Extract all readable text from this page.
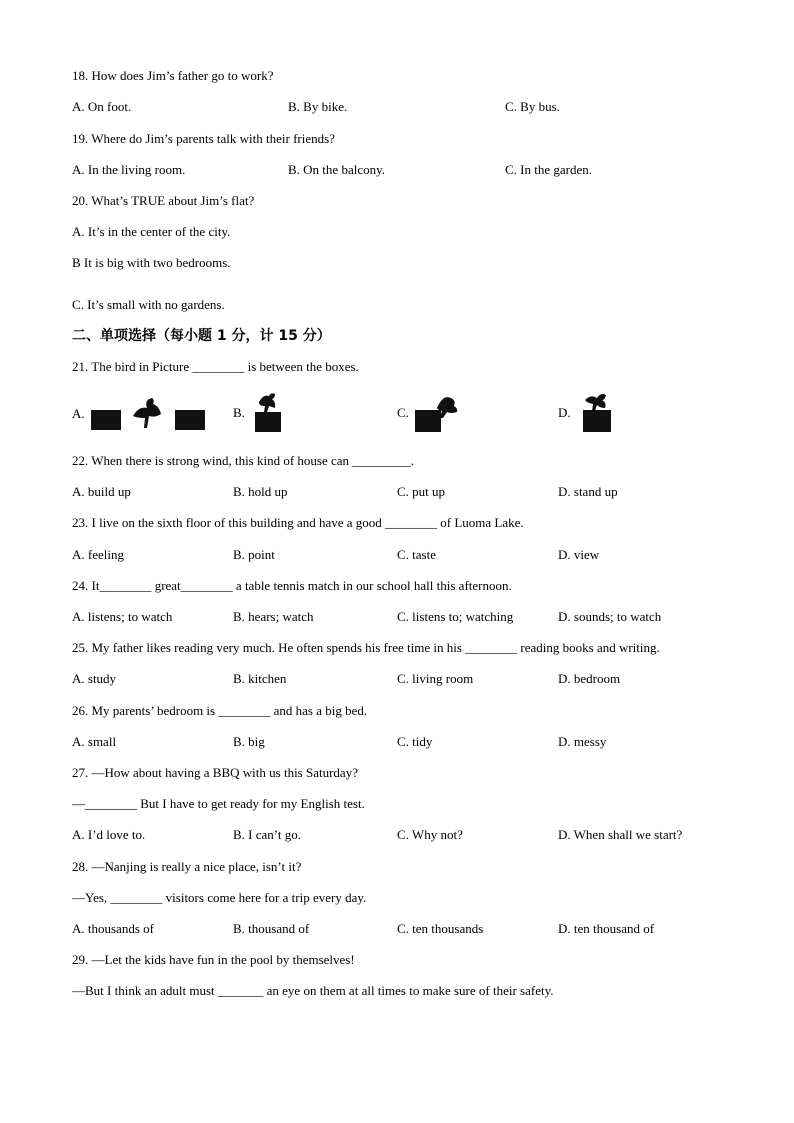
18. How does Jim’s father go to work?
A. On foot.	B. By bike.	C. By bus.
19. Where do Jim’s parents talk with their friends?
A. In the living room.	B. On the balcony.	C. In the garden.
20. What’s TRUE about Jim’s flat?
A. It’s in the center of the city.
B It is big with two bedrooms.
C. It’s small with no gardens.
二、单项选择（每小题 1 分，计 15 分）
21. The bird in Picture ________ is between the boxes.
A.	B.	C.	D.
22. When there is strong wind, this kind of house can _________.
A. build up	B. hold up	C. put up	D. stand up
23. I live on the sixth floor of this building and have a good ________ of Luoma Lake.
A. feeling	B. point	C. taste	D. view
24. It________ great________ a table tennis match in our school hall this afternoon.
A. listens; to watch	B. hears; watch	C. listens to; watching	D. sounds; to watch
25. My father likes reading very much. He often spends his free time in his ________ reading books and writing.
A. study	B. kitchen	C. living room	D. bedroom
26. My parents’ bedroom is ________ and has a big bed.
A. small	B. big	C. tidy	D. messy
27. —How about having a BBQ with us this Saturday?
—________ But I have to get ready for my English test.
A. I’d love to.	B. I can’t go.	C. Why not?	D. When shall we start?
28. —Nanjing is really a nice place, isn’t it?
—Yes, ________ visitors come here for a trip every day.
A. thousands of	B. thousand of	C. ten thousands	D. ten thousand of
29. —Let the kids have fun in the pool by themselves!
—But I think an adult must _______ an eye on them at all times to make sure of their safety.
